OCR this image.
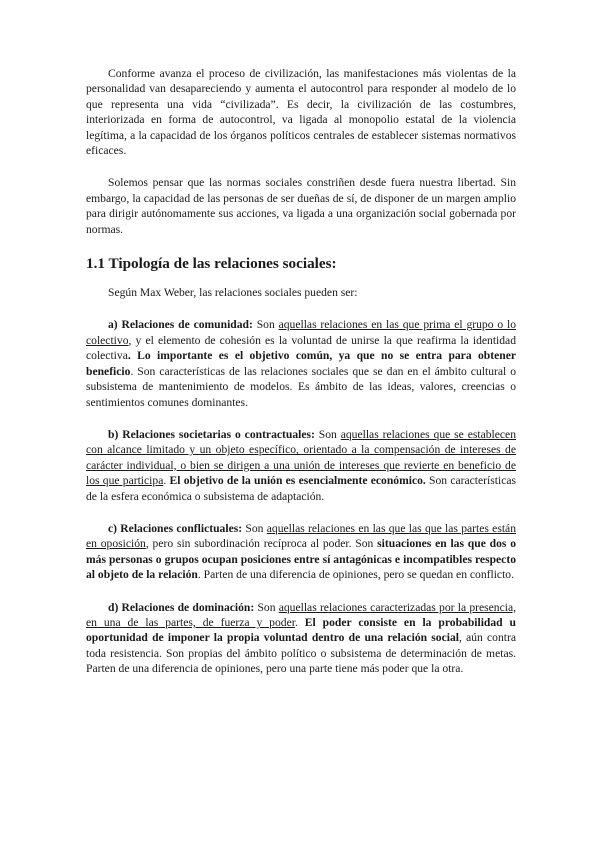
Conforme avanza el proceso de civilización, las manifestaciones más violentas de la personalidad van desapareciendo y aumenta el autocontrol para responder al modelo de lo que representa una vida “civilizada”. Es decir, la civilización de las costumbres, interiorizada en forma de autocontrol, va ligada al monopolio estatal de la violencia legítima, a la capacidad de los órganos políticos centrales de establecer sistemas normativos eficaces.

Solemos pensar que las normas sociales constriñen desde fuera nuestra libertad. Sin embargo, la capacidad de las personas de ser dueñas de sí, de disponer de un margen amplio para dirigir autónomamente sus acciones, va ligada a una organización social gobernada por normas.

1.1 Tipología de las relaciones sociales:

Según Max Weber, las relaciones sociales pueden ser:

a) Relaciones de comunidad: Son aquellas relaciones en las que prima el grupo o lo colectivo, y el elemento de cohesión es la voluntad de unirse la que reafirma la identidad colectiva. Lo importante es el objetivo común, ya que no se entra para obtener beneficio. Son características de las relaciones sociales que se dan en el ámbito cultural o subsistema de mantenimiento de modelos. Es ámbito de las ideas, valores, creencias o sentimientos comunes dominantes.

b) Relaciones societarias o contractuales: Son aquellas relaciones que se establecen con alcance limitado y un objeto específico, orientado a la compensación de intereses de carácter individual, o bien se dirigen a una unión de intereses que revierte en beneficio de los que participa. El objetivo de la unión es esencialmente económico. Son características de la esfera económica o subsistema de adaptación.

c) Relaciones conflictuales: Son aquellas relaciones en las que las que las partes están en oposición, pero sin subordinación recíproca al poder. Son situaciones en las que dos o más personas o grupos ocupan posiciones entre sí antagónicas e incompatibles respecto al objeto de la relación. Parten de una diferencia de opiniones, pero se quedan en conflicto.

d) Relaciones de dominación: Son aquellas relaciones caracterizadas por la presencia, en una de las partes, de fuerza y poder. El poder consiste en la probabilidad u oportunidad de imponer la propia voluntad dentro de una relación social, aún contra toda resistencia. Son propias del ámbito político o subsistema de determinación de metas. Parten de una diferencia de opiniones, pero una parte tiene más poder que la otra.
